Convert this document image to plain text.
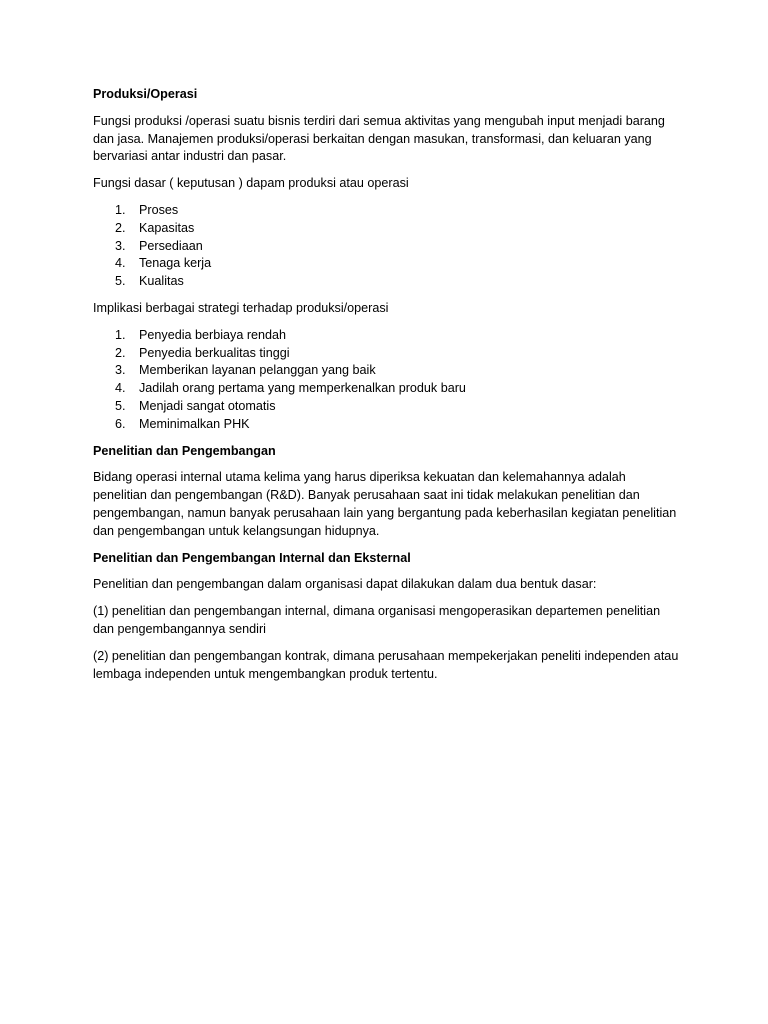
Produksi/Operasi
Fungsi produksi /operasi suatu bisnis terdiri dari semua aktivitas yang mengubah input menjadi barang dan jasa. Manajemen produksi/operasi berkaitan dengan masukan, transformasi, dan keluaran yang bervariasi antar industri dan pasar.
Fungsi dasar ( keputusan ) dapam produksi atau operasi
1. Proses
2. Kapasitas
3. Persediaan
4. Tenaga kerja
5. Kualitas
Implikasi berbagai strategi terhadap produksi/operasi
1. Penyedia berbiaya rendah
2. Penyedia berkualitas tinggi
3. Memberikan layanan pelanggan yang baik
4. Jadilah orang pertama yang memperkenalkan produk baru
5. Menjadi sangat otomatis
6. Meminimalkan PHK
Penelitian dan Pengembangan
Bidang operasi internal utama kelima yang harus diperiksa kekuatan dan kelemahannya adalah penelitian dan pengembangan (R&D). Banyak perusahaan saat ini tidak melakukan penelitian dan pengembangan, namun banyak perusahaan lain yang bergantung pada keberhasilan kegiatan penelitian dan pengembangan untuk kelangsungan hidupnya.
Penelitian dan Pengembangan Internal dan Eksternal
Penelitian dan pengembangan dalam organisasi dapat dilakukan dalam dua bentuk dasar:
(1) penelitian dan pengembangan internal, dimana organisasi mengoperasikan departemen penelitian dan pengembangannya sendiri
(2) penelitian dan pengembangan kontrak, dimana perusahaan mempekerjakan peneliti independen atau lembaga independen untuk mengembangkan produk tertentu.
